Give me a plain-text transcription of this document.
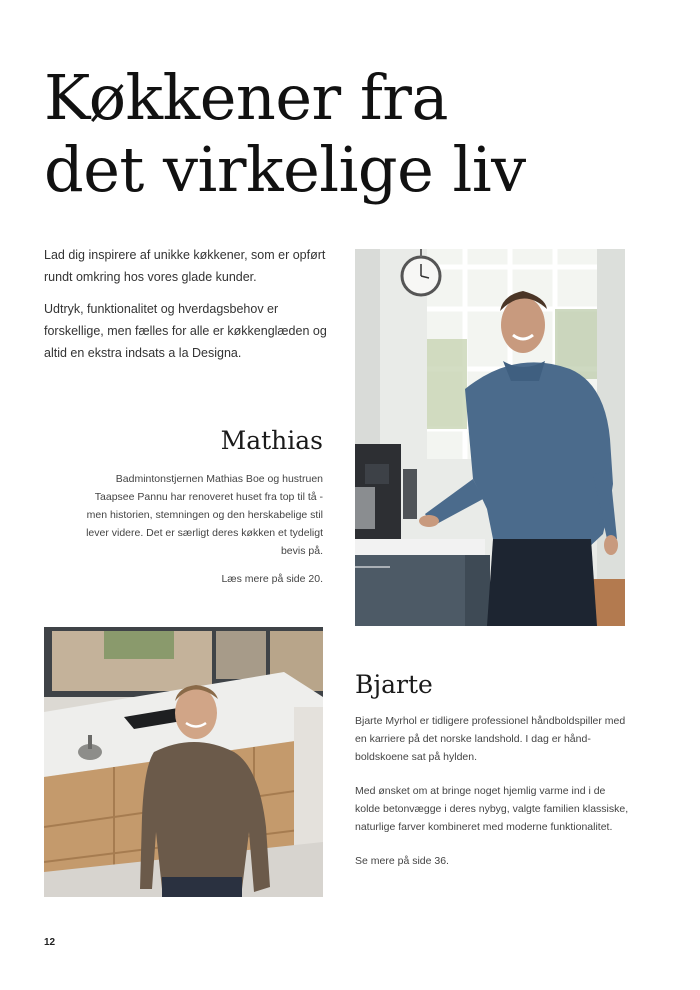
Køkkener fra
det virkelige liv

Lad dig inspirere af unikke køkkener, som er opført rundt omkring hos vores glade kunder.

Udtryk, funktionalitet og hverdagsbehov er forskellige, men fælles for alle er køkkenglæden og altid en ekstra indsats a la Designa.

Mathias

Badmintonstjernen Mathias Boe og hustruen Taapsee Pannu har renoveret huset fra top til tå - men historien, stemningen og den herskabelige stil lever videre. Det er særligt deres køkken et tydeligt bevis på.

Læs mere på side 20.

Bjarte

Bjarte Myrhol er tidligere professionel håndboldspiller med en karriere på det norske landshold. I dag er hånd-boldskoene sat på hylden.

Med ønsket om at bringe noget hjemlig varme ind i de kolde betonvægge i deres nybyg, valgte familien klassiske, naturlige farver kombineret med moderne funktionalitet.

Se mere på side 36.

12
